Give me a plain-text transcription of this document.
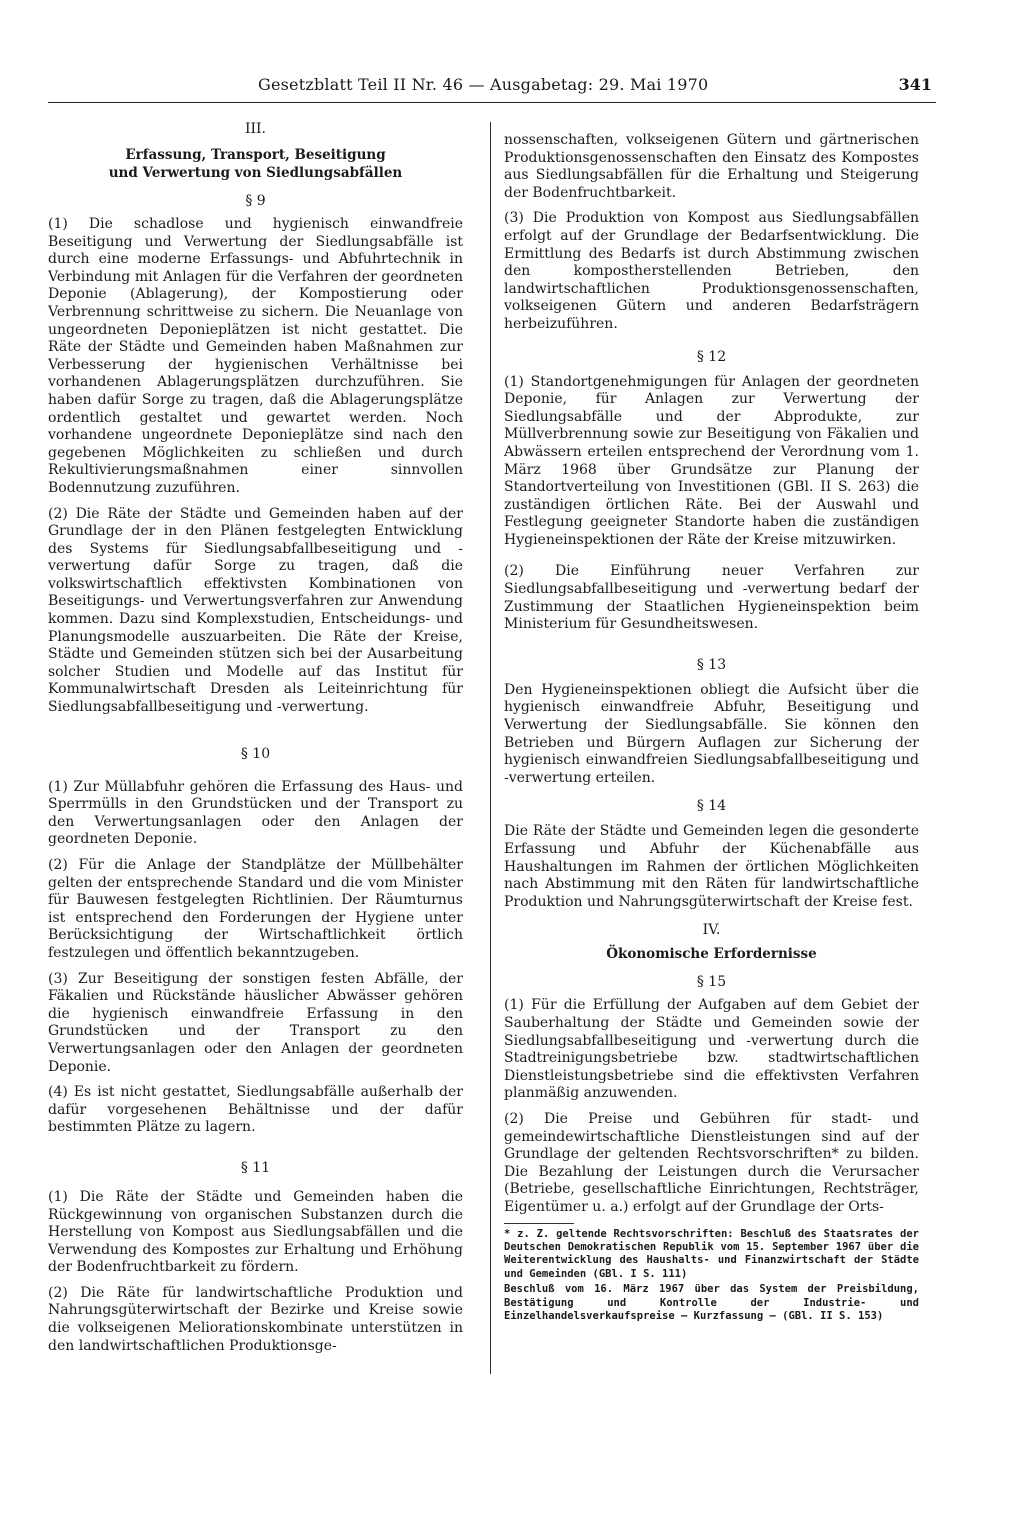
Gesetzblatt Teil II Nr. 46 — Ausgabetag: 29. Mai 1970	341

III.

Erfassung, Transport, Beseitigung

und Verwertung von Siedlungsabfällen

§ 9

(1) Die schadlose und hygienisch einwandfreie Beseitigung und Verwertung der Siedlungsabfälle ist durch eine moderne Erfassungs- und Abfuhrtechnik in Verbindung mit Anlagen für die Verfahren der geordneten Deponie (Ablagerung), der Kompostierung oder Verbrennung schrittweise zu sichern. Die Neuanlage von ungeordneten Deponieplätzen ist nicht gestattet. Die Räte der Städte und Gemeinden haben Maßnahmen zur Verbesserung der hygienischen Verhältnisse bei vorhandenen Ablagerungsplätzen durchzuführen. Sie haben dafür Sorge zu tragen, daß die Ablagerungsplätze ordentlich gestaltet und gewartet werden. Noch vorhandene ungeordnete Deponieplätze sind nach den gegebenen Möglichkeiten zu schließen und durch Rekultivierungsmaßnahmen einer sinnvollen Bodennutzung zuzuführen.

(2) Die Räte der Städte und Gemeinden haben auf der Grundlage der in den Plänen festgelegten Entwicklung des Systems für Siedlungsabfallbeseitigung und -verwertung dafür Sorge zu tragen, daß die volkswirtschaftlich effektivsten Kombinationen von Beseitigungs- und Verwertungsverfahren zur Anwendung kommen. Dazu sind Komplexstudien, Entscheidungs- und Planungsmodelle auszuarbeiten. Die Räte der Kreise, Städte und Gemeinden stützen sich bei der Ausarbeitung solcher Studien und Modelle auf das Institut für Kommunalwirtschaft Dresden als Leiteinrichtung für Siedlungsabfallbeseitigung und -verwertung.

§ 10

(1) Zur Müllabfuhr gehören die Erfassung des Haus- und Sperrmülls in den Grundstücken und der Transport zu den Verwertungsanlagen oder den Anlagen der geordneten Deponie.

(2) Für die Anlage der Standplätze der Müllbehälter gelten der entsprechende Standard und die vom Minister für Bauwesen festgelegten Richtlinien. Der Räumturnus ist entsprechend den Forderungen der Hygiene unter Berücksichtigung der Wirtschaftlichkeit örtlich festzulegen und öffentlich bekanntzugeben.

(3) Zur Beseitigung der sonstigen festen Abfälle, der Fäkalien und Rückstände häuslicher Abwässer gehören die hygienisch einwandfreie Erfassung in den Grundstücken und der Transport zu den Verwertungsanlagen oder den Anlagen der geordneten Deponie.

(4) Es ist nicht gestattet, Siedlungsabfälle außerhalb der dafür vorgesehenen Behältnisse und der dafür bestimmten Plätze zu lagern.

§ 11

(1) Die Räte der Städte und Gemeinden haben die Rückgewinnung von organischen Substanzen durch die Herstellung von Kompost aus Siedlungsabfällen und die Verwendung des Kompostes zur Erhaltung und Erhöhung der Bodenfruchtbarkeit zu fördern.

(2) Die Räte für landwirtschaftliche Produktion und Nahrungsgüterwirtschaft der Bezirke und Kreise sowie die volkseigenen Meliorationskombinate unterstützen in den landwirtschaftlichen Produktionsge-

nossenschaften, volkseigenen Gütern und gärtnerischen Produktionsgenossenschaften den Einsatz des Kompostes aus Siedlungsabfällen für die Erhaltung und Steigerung der Bodenfruchtbarkeit.

(3) Die Produktion von Kompost aus Siedlungsabfällen erfolgt auf der Grundlage der Bedarfsentwicklung. Die Ermittlung des Bedarfs ist durch Abstimmung zwischen den kompostherstellenden Betrieben, den landwirtschaftlichen Produktionsgenossenschaften, volkseigenen Gütern und anderen Bedarfsträgern herbeizuführen.

§ 12

(1) Standortgenehmigungen für Anlagen der geordneten Deponie, für Anlagen zur Verwertung der Siedlungsabfälle und der Abprodukte, zur Müllverbrennung sowie zur Beseitigung von Fäkalien und Abwässern erteilen entsprechend der Verordnung vom 1. März 1968 über Grundsätze zur Planung der Standortverteilung von Investitionen (GBl. II S. 263) die zuständigen örtlichen Räte. Bei der Auswahl und Festlegung geeigneter Standorte haben die zuständigen Hygieneinspektionen der Räte der Kreise mitzuwirken.

(2) Die Einführung neuer Verfahren zur Siedlungsabfallbeseitigung und -verwertung bedarf der Zustimmung der Staatlichen Hygieneinspektion beim Ministerium für Gesundheitswesen.

§ 13

Den Hygieneinspektionen obliegt die Aufsicht über die hygienisch einwandfreie Abfuhr, Beseitigung und Verwertung der Siedlungsabfälle. Sie können den Betrieben und Bürgern Auflagen zur Sicherung der hygienisch einwandfreien Siedlungsabfallbeseitigung und -verwertung erteilen.

§ 14

Die Räte der Städte und Gemeinden legen die gesonderte Erfassung und Abfuhr der Küchenabfälle aus Haushaltungen im Rahmen der örtlichen Möglichkeiten nach Abstimmung mit den Räten für landwirtschaftliche Produktion und Nahrungsgüterwirtschaft der Kreise fest.

IV.

Ökonomische Erfordernisse

§ 15

(1) Für die Erfüllung der Aufgaben auf dem Gebiet der Sauberhaltung der Städte und Gemeinden sowie der Siedlungsabfallbeseitigung und -verwertung durch die Stadtreinigungsbetriebe bzw. stadtwirtschaftlichen Dienstleistungsbetriebe sind die effektivsten Verfahren planmäßig anzuwenden.

(2) Die Preise und Gebühren für stadt- und gemeindewirtschaftliche Dienstleistungen sind auf der Grundlage der geltenden Rechtsvorschriften* zu bilden. Die Bezahlung der Leistungen durch die Verursacher (Betriebe, gesellschaftliche Einrichtungen, Rechtsträger, Eigentümer u. a.) erfolgt auf der Grundlage der Orts-

* z. Z. geltende Rechtsvorschriften: Beschluß des Staatsrates der Deutschen Demokratischen Republik vom 15. September 1967 über die Weiterentwicklung des Haushalts- und Finanzwirtschaft der Städte und Gemeinden (GBl. I S. 111)

Beschluß vom 16. März 1967 über das System der Preisbildung, Bestätigung und Kontrolle der Industrie- und Einzelhandelsverkaufspreise — Kurzfassung — (GBl. II S. 153)
